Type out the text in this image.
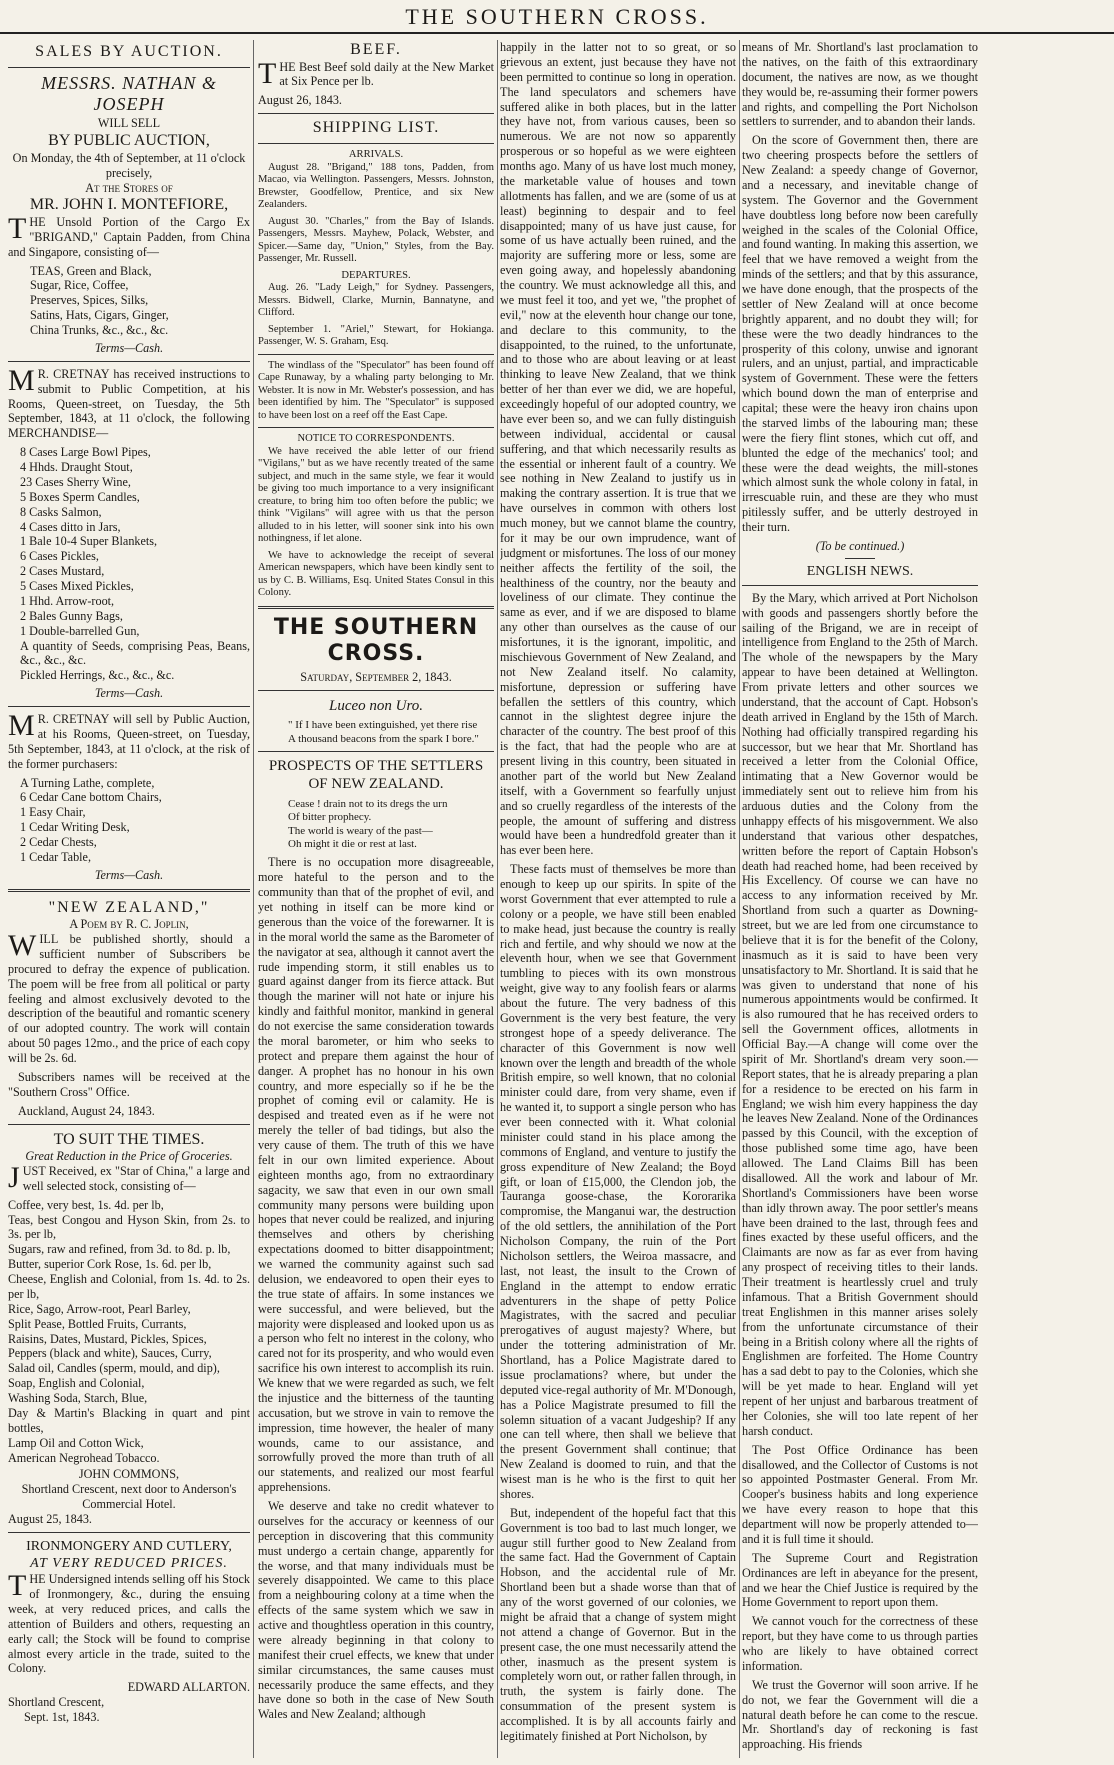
THE SOUTHERN CROSS.
SALES BY AUCTION.
MESSRS. NATHAN & JOSEPH
WILL SELL
BY PUBLIC AUCTION,
On Monday, the 4th of September, at 11 o'clock precisely,
At the Stores of
MR. JOHN I. MONTEFIORE,

THE Unsold Portion of the Cargo Ex "BRIGAND," Captain Padden, from China and Singapore, consisting of—

TEAS, Green and Black,
Sugar, Rice, Coffee,
Preserves, Spices, Silks,
Satins, Hats, Cigars, Ginger,
China Trunks, &c., &c., &c.
Terms—Cash.

MR. CRETNAY has received instructions to submit to Public Competition, at his Rooms, Queen-street, on Tuesday, the 5th September, 1843, at 11 o'clock, the following MERCHANDISE—

8 Cases Large Bowl Pipes,
4 Hhds. Draught Stout,
23 Cases Sherry Wine,
5 Boxes Sperm Candles,
8 Casks Salmon,
4 Cases ditto in Jars,
1 Bale 10-4 Super Blankets,
6 Cases Pickles,
2 Cases Mustard,
5 Cases Mixed Pickles,
1 Hhd. Arrow-root,
2 Bales Gunny Bags,
1 Double-barrelled Gun,
A quantity of Seeds, comprising Peas, Beans, &c., &c., &c.
Pickled Herrings, &c., &c., &c.
Terms—Cash.

MR. CRETNAY will sell by Public Auction, at his Rooms, Queen-street, on Tuesday, 5th September, 1843, at 11 o'clock, at the risk of the former purchasers:

A Turning Lathe, complete,
6 Cedar Cane bottom Chairs,
1 Easy Chair,
1 Cedar Writing Desk,
2 Cedar Chests,
1 Cedar Table,
Terms—Cash.
"NEW ZEALAND,"
A Poem by R. C. Joplin,

WILL be published shortly, should a sufficient number of Subscribers be procured to defray the expence of publication. The poem will be free from all political or party feeling and almost exclusively devoted to the description of the beautiful and romantic scenery of our adopted country. The work will contain about 50 pages 12mo., and the price of each copy will be 2s. 6d.

Subscribers names will be received at the "Southern Cross" Office.

Auckland, August 24, 1843.

TO SUIT THE TIMES.
Great Reduction in the Price of Groceries.

JUST Received, ex "Star of China," a large and well selected stock, consisting of—

Coffee, very best, 1s. 4d. per lb,
Teas, best Congou and Hyson Skin, from 2s. to 3s. per lb,
Sugars, raw and refined, from 3d. to 8d. p. lb,
Butter, superior Cork Rose, 1s. 6d. per lb,
Cheese, English and Colonial, from 1s. 4d. to 2s. per lb,
Rice, Sago, Arrow-root, Pearl Barley,
Split Pease, Bottled Fruits, Currants,
Raisins, Dates, Mustard, Pickles, Spices,
Peppers (black and white), Sauces, Curry,
Salad oil, Candles (sperm, mould, and dip),
Soap, English and Colonial,
Washing Soda, Starch, Blue,
Day & Martin's Blacking in quart and pint bottles,
Lamp Oil and Cotton Wick,
American Negrohead Tobacco.
JOHN COMMONS,
Shortland Crescent, next door to Anderson's Commercial Hotel.
August 25, 1843.
IRONMONGERY AND CUTLERY,
AT VERY REDUCED PRICES.

THE Undersigned intends selling off his Stock of Ironmongery, &c., during the ensuing week, at very reduced prices, and calls the attention of Builders and others, requesting an early call; the Stock will be found to comprise almost every article in the trade, suited to the Colony.

EDWARD ALLARTON.
Shortland Crescent,
Sept. 1st, 1843.
BEEF.

THE Best Beef sold daily at the New Market at Six Pence per lb.

August 26, 1843.
SHIPPING LIST.
ARRIVALS.

August 28. "Brigand," 188 tons, Padden, from Macao, via Wellington. Passengers, Messrs. Johnston, Brewster, Goodfellow, Prentice, and six New Zealanders.

August 30. "Charles," from the Bay of Islands. Passengers, Messrs. Mayhew, Polack, Webster, and Spicer.—Same day, "Union," Styles, from the Bay. Passenger, Mr. Russell.

DEPARTURES.

Aug. 26. "Lady Leigh," for Sydney. Passengers, Messrs. Bidwell, Clarke, Murnin, Bannatyne, and Clifford.

September 1. "Ariel," Stewart, for Hokianga. Passenger, W. S. Graham, Esq.

The windlass of the "Speculator" has been found off Cape Runaway, by a whaling party belonging to Mr. Webster. It is now in Mr. Webster's possession, and has been identified by him. The "Speculator" is supposed to have been lost on a reef off the East Cape.

NOTICE TO CORRESPONDENTS.

We have received the able letter of our friend "Vigilans," but as we have recently treated of the same subject, and much in the same style, we fear it would be giving too much importance to a very insignificant creature, to bring him too often before the public; we think "Vigilans" will agree with us that the person alluded to in his letter, will sooner sink into his own nothingness, if let alone.

We have to acknowledge the receipt of several American newspapers, which have been kindly sent to us by C. B. Williams, Esq. United States Consul in this Colony.

THE SOUTHERN CROSS.
Saturday, September 2, 1843.
Luceo non Uro.
" If I have been extinguished, yet there rise
A thousand beacons from the spark I bore."
PROSPECTS OF THE SETTLERS OF NEW ZEALAND.
Cease ! drain not to its dregs the urn
Of bitter prophecy.
The world is weary of the past—
Oh might it die or rest at last.

There is no occupation more disagreeable, more hateful to the person and to the community than that of the prophet of evil, and yet nothing in itself can be more kind or generous than the voice of the forewarner. It is in the moral world the same as the Barometer of the navigator at sea, although it cannot avert the rude impending storm, it still enables us to guard against danger from its fierce attack. But though the mariner will not hate or injure his kindly and faithful monitor, mankind in general do not exercise the same consideration towards the moral barometer, or him who seeks to protect and prepare them against the hour of danger. A prophet has no honour in his own country, and more especially so if he be the prophet of coming evil or calamity. He is despised and treated even as if he were not merely the teller of bad tidings, but also the very cause of them. The truth of this we have felt in our own limited experience. About eighteen months ago, from no extraordinary sagacity, we saw that even in our own small community many persons were building upon hopes that never could be realized, and injuring themselves and others by cherishing expectations doomed to bitter disappointment; we warned the community against such sad delusion, we endeavored to open their eyes to the true state of affairs. In some instances we were successful, and were believed, but the majority were displeased and looked upon us as a person who felt no interest in the colony, who cared not for its prosperity, and who would even sacrifice his own interest to accomplish its ruin. We knew that we were regarded as such, we felt the injustice and the bitterness of the taunting accusation, but we strove in vain to remove the impression, time however, the healer of many wounds, came to our assistance, and sorrowfully proved the more than truth of all our statements, and realized our most fearful apprehensions.

We deserve and take no credit whatever to ourselves for the accuracy or keenness of our perception in discovering that this community must undergo a certain change, apparently for the worse, and that many individuals must be severely disappointed. We came to this place from a neighbouring colony at a time when the effects of the same system which we saw in active and thoughtless operation in this country, were already beginning in that colony to manifest their cruel effects, we knew that under similar circumstances, the same causes must necessarily produce the same effects, and they have done so both in the case of New South Wales and New Zealand; although

happily in the latter not to so great, or so grievous an extent, just because they have not been permitted to continue so long in operation. The land speculators and schemers have suffered alike in both places, but in the latter they have not, from various causes, been so numerous. We are not now so apparently prosperous or so hopeful as we were eighteen months ago. Many of us have lost much money, the marketable value of houses and town allotments has fallen, and we are (some of us at least) beginning to despair and to feel disappointed; many of us have just cause, for some of us have actually been ruined, and the majority are suffering more or less, some are even going away, and hopelessly abandoning the country. We must acknowledge all this, and we must feel it too, and yet we, "the prophet of evil," now at the eleventh hour change our tone, and declare to this community, to the disappointed, to the ruined, to the unfortunate, and to those who are about leaving or at least thinking to leave New Zealand, that we think better of her than ever we did, we are hopeful, exceedingly hopeful of our adopted country, we have ever been so, and we can fully distinguish between individual, accidental or causal suffering, and that which necessarily results as the essential or inherent fault of a country. We see nothing in New Zealand to justify us in making the contrary assertion. It is true that we have ourselves in common with others lost much money, but we cannot blame the country, for it may be our own imprudence, want of judgment or misfortunes. The loss of our money neither affects the fertility of the soil, the healthiness of the country, nor the beauty and loveliness of our climate. They continue the same as ever, and if we are disposed to blame any other than ourselves as the cause of our misfortunes, it is the ignorant, impolitic, and mischievous Government of New Zealand, and not New Zealand itself. No calamity, misfortune, depression or suffering have befallen the settlers of this country, which cannot in the slightest degree injure the character of the country. The best proof of this is the fact, that had the people who are at present living in this country, been situated in another part of the world but New Zealand itself, with a Government so fearfully unjust and so cruelly regardless of the interests of the people, the amount of suffering and distress would have been a hundredfold greater than it has ever been here.

These facts must of themselves be more than enough to keep up our spirits. In spite of the worst Government that ever attempted to rule a colony or a people, we have still been enabled to make head, just because the country is really rich and fertile, and why should we now at the eleventh hour, when we see that Government tumbling to pieces with its own monstrous weight, give way to any foolish fears or alarms about the future. The very badness of this Government is the very best feature, the very strongest hope of a speedy deliverance. The character of this Government is now well known over the length and breadth of the whole British empire, so well known, that no colonial minister could dare, from very shame, even if he wanted it, to support a single person who has ever been connected with it. What colonial minister could stand in his place among the commons of England, and venture to justify the gross expenditure of New Zealand; the Boyd gift, or loan of £15,000, the Clendon job, the Tauranga goose-chase, the Kororarika compromise, the Manganui war, the destruction of the old settlers, the annihilation of the Port Nicholson Company, the ruin of the Port Nicholson settlers, the Weiroa massacre, and last, not least, the insult to the Crown of England in the attempt to endow erratic adventurers in the shape of petty Police Magistrates, with the sacred and peculiar prerogatives of august majesty? Where, but under the tottering administration of Mr. Shortland, has a Police Magistrate dared to issue proclamations? where, but under the deputed vice-regal authority of Mr. M'Donough, has a Police Magistrate presumed to fill the solemn situation of a vacant Judgeship? If any one can tell where, then shall we believe that the present Government shall continue; that New Zealand is doomed to ruin, and that the wisest man is he who is the first to quit her shores.

But, independent of the hopeful fact that this Government is too bad to last much longer, we augur still further good to New Zealand from the same fact. Had the Government of Captain Hobson, and the accidental rule of Mr. Shortland been but a shade worse than that of any of the worst governed of our colonies, we might be afraid that a change of system might not attend a change of Governor. But in the present case, the one must necessarily attend the other, inasmuch as the present system is completely worn out, or rather fallen through, in truth, the system is fairly done. The consummation of the present system is accomplished. It is by all accounts fairly and legitimately finished at Port Nicholson, by

means of Mr. Shortland's last proclamation to the natives, on the faith of this extraordinary document, the natives are now, as we thought they would be, re-assuming their former powers and rights, and compelling the Port Nicholson settlers to surrender, and to abandon their lands.

On the score of Government then, there are two cheering prospects before the settlers of New Zealand: a speedy change of Governor, and a necessary, and inevitable change of system. The Governor and the Government have doubtless long before now been carefully weighed in the scales of the Colonial Office, and found wanting. In making this assertion, we feel that we have removed a weight from the minds of the settlers; and that by this assurance, we have done enough, that the prospects of the settler of New Zealand will at once become brightly apparent, and no doubt they will; for these were the two deadly hindrances to the prosperity of this colony, unwise and ignorant rulers, and an unjust, partial, and impracticable system of Government. These were the fetters which bound down the man of enterprise and capital; these were the heavy iron chains upon the starved limbs of the labouring man; these were the fiery flint stones, which cut off, and blunted the edge of the mechanics' tool; and these were the dead weights, the mill-stones which almost sunk the whole colony in fatal, in irrescuable ruin, and these are they who must pitilessly suffer, and be utterly destroyed in their turn.

(To be continued.)
ENGLISH NEWS.

By the Mary, which arrived at Port Nicholson with goods and passengers shortly before the sailing of the Brigand, we are in receipt of intelligence from England to the 25th of March. The whole of the newspapers by the Mary appear to have been detained at Wellington. From private letters and other sources we understand, that the account of Capt. Hobson's death arrived in England by the 15th of March. Nothing had officially transpired regarding his successor, but we hear that Mr. Shortland has received a letter from the Colonial Office, intimating that a New Governor would be immediately sent out to relieve him from his arduous duties and the Colony from the unhappy effects of his misgovernment. We also understand that various other despatches, written before the report of Captain Hobson's death had reached home, had been received by His Excellency. Of course we can have no access to any information received by Mr. Shortland from such a quarter as Downing-street, but we are led from one circumstance to believe that it is for the benefit of the Colony, inasmuch as it is said to have been very unsatisfactory to Mr. Shortland. It is said that he was given to understand that none of his numerous appointments would be confirmed. It is also rumoured that he has received orders to sell the Government offices, allotments in Official Bay.—A change will come over the spirit of Mr. Shortland's dream very soon.—Report states, that he is already preparing a plan for a residence to be erected on his farm in England; we wish him every happiness the day he leaves New Zealand. None of the Ordinances passed by this Council, with the exception of those published some time ago, have been allowed. The Land Claims Bill has been disallowed. All the work and labour of Mr. Shortland's Commissioners have been worse than idly thrown away. The poor settler's means have been drained to the last, through fees and fines exacted by these useful officers, and the Claimants are now as far as ever from having any prospect of receiving titles to their lands. Their treatment is heartlessly cruel and truly infamous. That a British Government should treat Englishmen in this manner arises solely from the unfortunate circumstance of their being in a British colony where all the rights of Englishmen are forfeited. The Home Country has a sad debt to pay to the Colonies, which she will be yet made to hear. England will yet repent of her unjust and barbarous treatment of her Colonies, she will too late repent of her harsh conduct.

The Post Office Ordinance has been disallowed, and the Collector of Customs is not so appointed Postmaster General. From Mr. Cooper's business habits and long experience we have every reason to hope that this department will now be properly attended to—and it is full time it should.

The Supreme Court and Registration Ordinances are left in abeyance for the present, and we hear the Chief Justice is required by the Home Government to report upon them.

We cannot vouch for the correctness of these report, but they have come to us through parties who are likely to have obtained correct information.

We trust the Governor will soon arrive. If he do not, we fear the Government will die a natural death before he can come to the rescue. Mr. Shortland's day of reckoning is fast approaching. His friends
